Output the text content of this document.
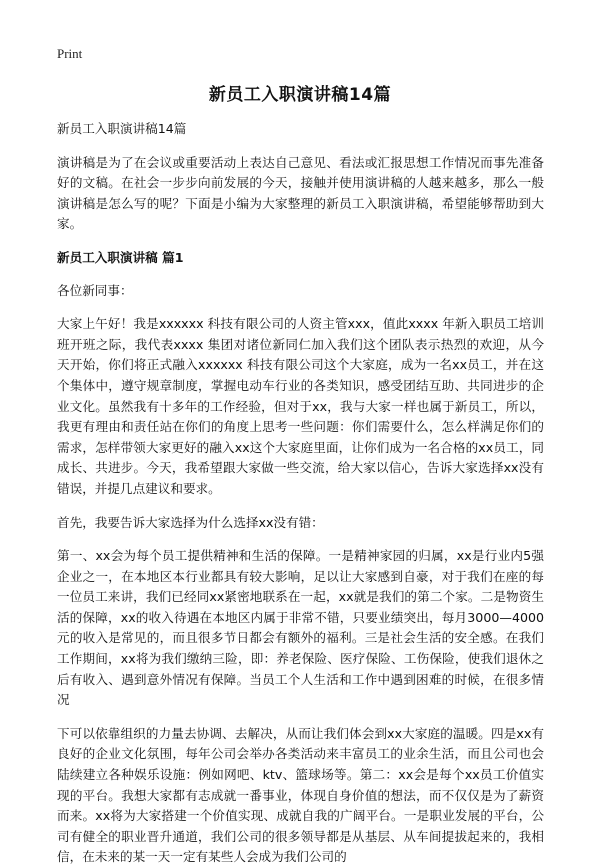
Print
新员工入职演讲稿14篇

新员工入职演讲稿14篇

演讲稿是为了在会议或重要活动上表达自己意见、看法或汇报思想工作情况而事先准备好的文稿。在社会一步步向前发展的今天，接触并使用演讲稿的人越来越多，那么一般演讲稿是怎么写的呢？下面是小编为大家整理的新员工入职演讲稿，希望能够帮助到大家。

新员工入职演讲稿 篇1

各位新同事：

大家上午好！我是xxxxxx 科技有限公司的人资主管xxx，值此xxxx 年新入职员工培训班开班之际，我代表xxxx 集团对诸位新同仁加入我们这个团队表示热烈的欢迎，从今天开始，你们将正式融入xxxxxx 科技有限公司这个大家庭，成为一名xx员工，并在这个集体中，遵守规章制度，掌握电动车行业的各类知识，感受团结互助、共同进步的企业文化。虽然我有十多年的工作经验，但对于xx，我与大家一样也属于新员工，所以，我更有理由和责任站在你们的角度上思考一些问题：你们需要什么，怎么样满足你们的需求，怎样带领大家更好的融入xx这个大家庭里面，让你们成为一名合格的xx员工，同成长、共进步。今天，我希望跟大家做一些交流，给大家以信心，告诉大家选择xx没有错误，并提几点建议和要求。

首先，我要告诉大家选择为什么选择xx没有错：

第一、xx会为每个员工提供精神和生活的保障。一是精神家园的归属，xx是行业内5强企业之一，在本地区本行业都具有较大影响，足以让大家感到自豪，对于我们在座的每一位员工来讲，我们已经同xx紧密地联系在一起，xx就是我们的第二个家。二是物资生活的保障，xx的收入待遇在本地区内属于非常不错，只要业绩突出，每月3000—4000元的收入是常见的，而且很多节日都会有额外的福利。三是社会生活的安全感。在我们工作期间，xx将为我们缴纳三险，即：养老保险、医疗保险、工伤保险，使我们退休之后有收入、遇到意外情况有保障。当员工个人生活和工作中遇到困难的时候，在很多情况

下可以依靠组织的力量去协调、去解决，从而让我们体会到xx大家庭的温暖。四是xx有良好的企业文化氛围，每年公司会举办各类活动来丰富员工的业余生活，而且公司也会陆续建立各种娱乐设施：例如网吧、ktv、篮球场等。第二：xx会是每个xx员工价值实现的平台。我想大家都有志成就一番事业，体现自身价值的想法，而不仅仅是为了薪资而来。xx将为大家搭建一个价值实现、成就自我的广阔平台。一是职业发展的平台，公司有健全的职业晋升通道，我们公司的很多领导都是从基层、从车间提拔起来的，我相信，在未来的某一天一定有某些人会成为我们公司的
